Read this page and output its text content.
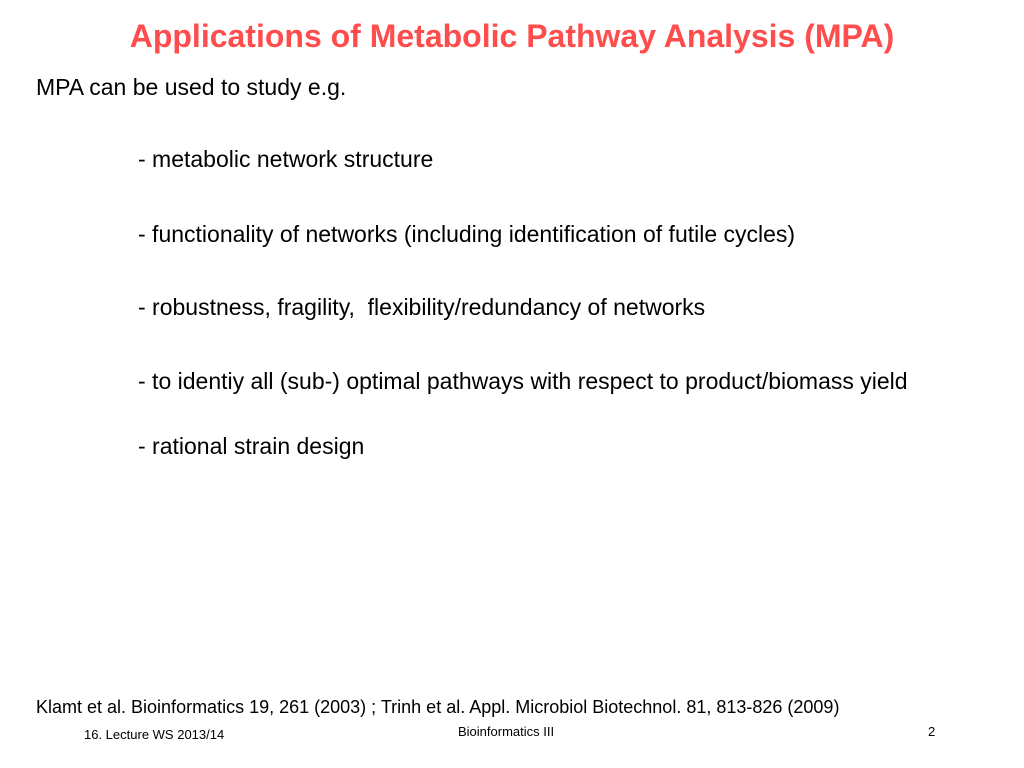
Applications of Metabolic Pathway Analysis (MPA)
MPA can be used to study e.g.
- metabolic network structure
- functionality of networks (including identification of futile cycles)
- robustness, fragility,  flexibility/redundancy of networks
- to identiy all (sub-) optimal pathways with respect to product/biomass yield
- rational strain design
Klamt et al. Bioinformatics 19, 261 (2003) ; Trinh et al. Appl. Microbiol Biotechnol. 81, 813-826 (2009)
16. Lecture WS 2013/14	Bioinformatics III	2
